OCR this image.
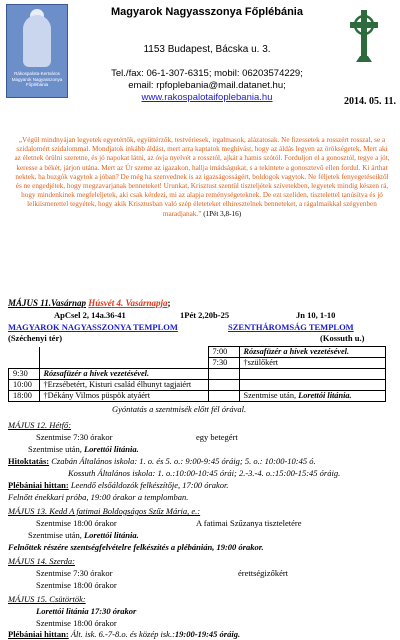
Rákospalota-Kertváros
Magyarok Nagyasszonya
Főplébánia
Magyarok Nagyasszonya Főplébánia
1153 Budapest, Bácska u. 3.
Tel./fax: 06-1-307-6315; mobil: 06203574229;
email: rpfoplebania@mail.datanet.hu;
www.rakospalotaifoplebania.hu	2014. 05. 11.
„Végül mindnyájan legyetek egyetértők, együttérzők, testvériesek, irgalmasok, alázatosak. Ne fizessetek a rosszért rosszal, se a szidalomért szidalommal. Mondjatok inkább áldást, mert arra kaptatok meghívást, hogy az áldás legyen az örökségetek. Mert aki az életnek örülni szeretne, és jó napokat látni, az óvja nyelvét a rossztól, ajkát a hamis szótól. Forduljon el a gonosztól, tegye a jót, keresse a békét, járjon utána. Mert az Úr szeme az igazakon, hallja imádságukat, s a tekintete a gonosztevő ellen fordul. Ki árthat nektek, ha buzgók vagytok a jóban? De még ha szenvednek is az igazságosságért, boldogok vagytok. Ne féljetek fenyegetéseiktől és ne engedjétek, hogy megzavarjanak benneteket! Urunkat, Krisztust szentül tiszteljétek szívetekben, legyetek mindig készen rá, hogy mindenkinek megfeleljetek, aki csak kérdezi, mi az alapja reménységeteknek. De ezt szelíden, tisztelettel tanúsítva és jó lelkiismerettel tegyétek, hogy akik Krisztusban való szép életeteket elhiresztelnek benneteket, a rágalmaikkal szégyenben maradjanak.” (1Pét 3,8-16)
MÁJUS 11.Vasárnap Húsvét 4. Vasárnapja;
ApCsel 2, 14a.36-41	1Pét 2,20b-25	Jn 10, 1-10
MAGYAROK NAGYASSZONYA TEMPLOM	SZENTHÁROMSÁG TEMPLOM
(Széchenyi tér)	(Kossuth u.)
		7:00	Rózsafüzér a hívek vezetésével.
		7:30	†szülőkért
9:30	Rózsafüzér a hívek vezetésével.		
10:00	†Erzsébetért, Kisturi család élhunyt tagjaiért		
18:00	†Dékány Vilmos püspök atyáért		Szentmise után, Lorettói litánia.
Gyóntatás a szentmisék előtt fél órával.
MÁJUS 12. Hétfő:
Szentmise 7:30 órakor	egy betegért
Szentmise után, Lorettói litánia.
Hitoktatás: Czabán Általános iskola: 1. o. és 5. o.: 9:00-9:45 óráig; 5. o.: 10:00-10:45 ó.
Kossuth Általános iskola: 1. o.:10:00-10:45 órái; 2.-3.-4. o.:15:00-15:45 óráig.
Plébániai hittan: Leendő elsőáldozók felkészítője, 17:00 órakor.
Felnőtt énekkari próba, 19:00 órakor a templomban.
MÁJUS 13. Kedd A fatimai Boldogságos Szűz Mária, e.:
Szentmise 18:00 órakor	A fatimai Szűzanya tiszteletére
Szentmise után, Lorettói litánia.
Felnőttek részére szentségfelvételre felkészítés a plébánián, 19:00 órakor.
MÁJUS 14. Szerda:
Szentmise 7:30 órakor	érettségizőkért
Szentmise 18:00 órakor
MÁJUS 15. Csütörtök:
Lorettói litánia 17:30 órakor
Szentmise 18:00 órakor
Plébániai hittan: Ált. isk. 6.-7-8.o. és közép isk.:19:00-19:45 óráig.
